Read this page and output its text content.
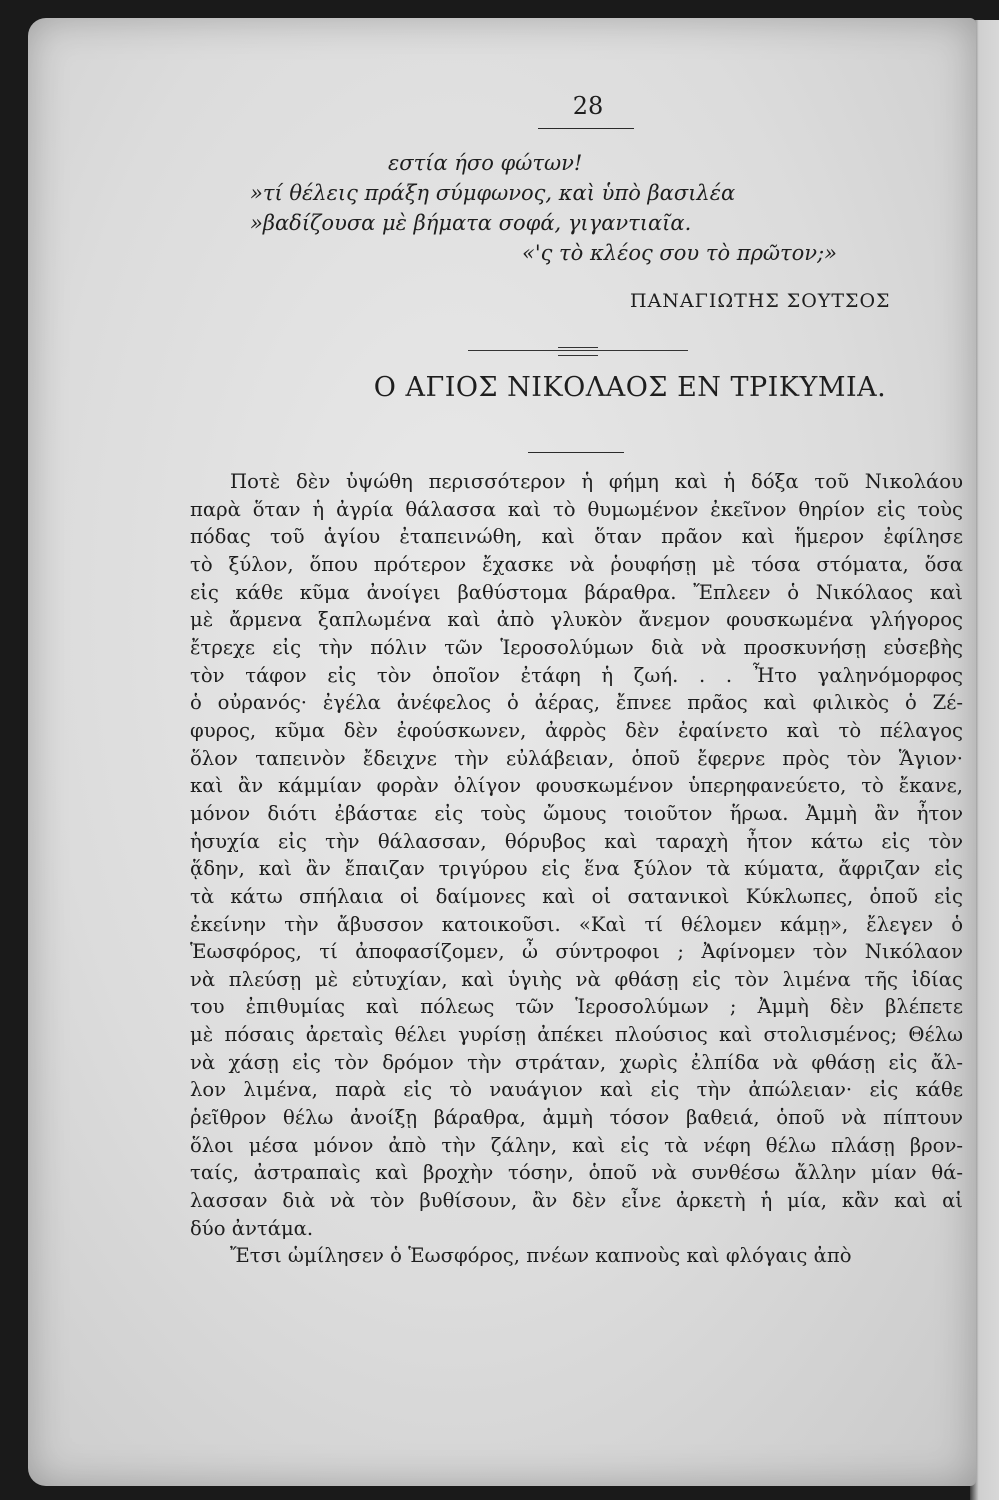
28
εστία ήσο φώτων!
»τί θέλεις πράξη σύμφωνος, καὶ ὑπὸ βασιλέα
»βαδίζουσα μὲ βήματα σοφά, γιγαντιαῖα.
«'ς τὸ κλέος σου τὸ πρῶτον;»
ΠΑΝΑΓΙΩΤΗΣ ΣΟΥΤΣΟΣ
Ο ΑΓΙΟΣ ΝΙΚΟΛΑΟΣ ΕΝ ΤΡΙΚΥΜΙΑ.
Ποτὲ δὲν ὑψώθη περισσότερον ἡ φήμη καὶ ἡ δόξα τοῦ Νικολάου
παρὰ ὅταν ἡ ἀγρία θάλασσα καὶ τὸ θυμωμένον ἐκεῖνον θηρίον εἰς τοὺς
πόδας τοῦ ἁγίου ἐταπεινώθη, καὶ ὅταν πρᾶον καὶ ἥμερον ἐφίλησε
τὸ ξύλον, ὅπου πρότερον ἔχασκε νὰ ῥουφήσῃ μὲ τόσα στόματα, ὅσα
εἰς κάθε κῦμα ἀνοίγει βαθύστομα βάραθρα. Ἔπλεεν ὁ Νικόλαος καὶ
μὲ ἄρμενα ξαπλωμένα καὶ ἀπὸ γλυκὸν ἄνεμον φουσκωμένα γλήγορος
ἔτρεχε εἰς τὴν πόλιν τῶν Ἱεροσολύμων διὰ νὰ προσκυνήσῃ εὐσεβὴς
τὸν τάφον εἰς τὸν ὁποῖον ἐτάφη ἡ ζωή. . . Ἦτο γαληνόμορφος
ὁ οὐρανός· ἐγέλα ἀνέφελος ὁ ἀέρας, ἔπνεε πρᾶος καὶ φιλικὸς ὁ Ζέ-
φυρος, κῦμα δὲν ἐφούσκωνεν, ἀφρὸς δὲν ἐφαίνετο καὶ τὸ πέλαγος
ὅλον ταπεινὸν ἔδειχνε τὴν εὐλάβειαν, ὁποῦ ἔφερνε πρὸς τὸν Ἅγιον·
καὶ ἂν κάμμίαν φορὰν ὀλίγον φουσκωμένον ὑπερηφανεύετο, τὸ ἔκανε,
μόνον διότι ἐβάσταε εἰς τοὺς ὤμους τοιοῦτον ἥρωα. Ἀμμὴ ἂν ἦτον
ἡσυχία εἰς τὴν θάλασσαν, θόρυβος καὶ ταραχὴ ἦτον κάτω εἰς τὸν
ᾅδην, καὶ ἂν ἔπαιζαν τριγύρου εἰς ἕνα ξύλον τὰ κύματα, ἄφριζαν εἰς
τὰ κάτω σπήλαια οἱ δαίμονες καὶ οἱ σατανικοὶ Κύκλωπες, ὁποῦ εἰς
ἐκείνην τὴν ἄβυσσον κατοικοῦσι. «Καὶ τί θέλομεν κάμῃ», ἔλεγεν ὁ
Ἑωσφόρος, τί ἀποφασίζομεν, ὦ σύντροφοι ; Ἀφίνομεν τὸν Νικόλαον
νὰ πλεύσῃ μὲ εὐτυχίαν, καὶ ὑγιὴς νὰ φθάσῃ εἰς τὸν λιμένα τῆς ἰδίας
του ἐπιθυμίας καὶ πόλεως τῶν Ἱεροσολύμων ; Ἀμμὴ δὲν βλέπετε
μὲ πόσαις ἀρεταὶς θέλει γυρίσῃ ἀπέκει πλούσιος καὶ στολισμένος; Θέλω
νὰ χάσῃ εἰς τὸν δρόμον τὴν στράταν, χωρὶς ἐλπίδα νὰ φθάσῃ εἰς ἄλ-
λον λιμένα, παρὰ εἰς τὸ ναυάγιον καὶ εἰς τὴν ἀπώλειαν· εἰς κάθε
ῥεῖθρον θέλω ἀνοίξῃ βάραθρα, ἀμμὴ τόσον βαθειά, ὁποῦ νὰ πίπτουν
ὅλοι μέσα μόνον ἀπὸ τὴν ζάλην, καὶ εἰς τὰ νέφη θέλω πλάσῃ βρον-
ταίς, ἀστραπαὶς καὶ βροχὴν τόσην, ὁποῦ νὰ συνθέσω ἄλλην μίαν θά-
λασσαν διὰ νὰ τὸν βυθίσουν, ἂν δὲν εἶνε ἀρκετὴ ἡ μία, κἂν καὶ αἱ
δύο ἀντάμα.
Ἔτσι ὡμίλησεν ὁ Ἑωσφόρος, πνέων καπνοὺς καὶ φλόγαις ἀπὸ
